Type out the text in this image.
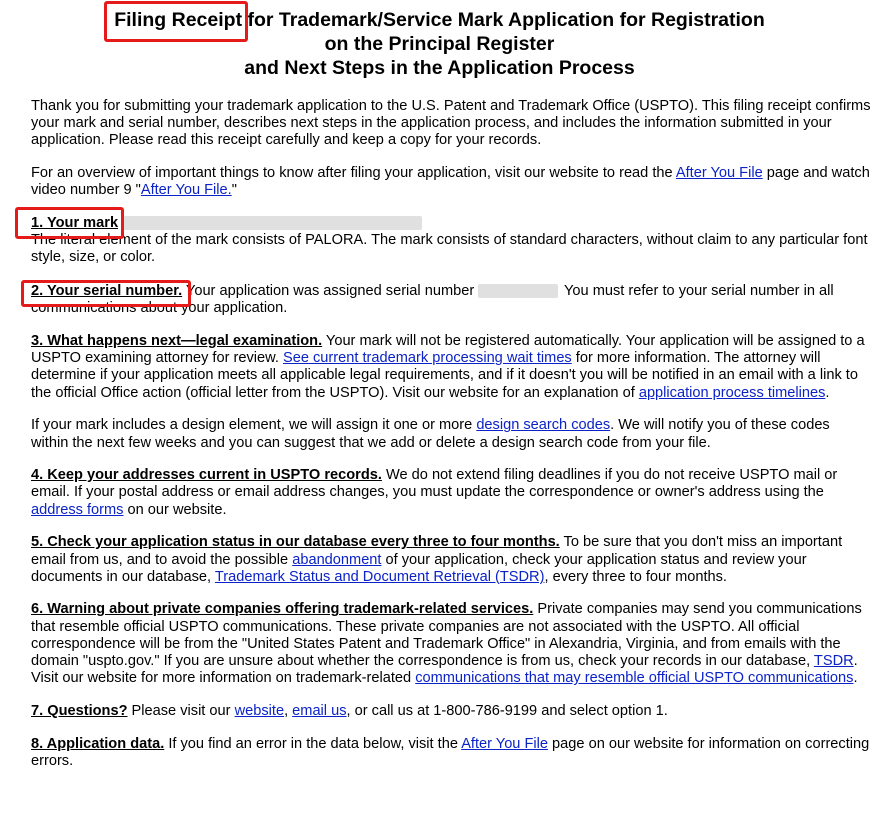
Filing Receipt for Trademark/Service Mark Application for Registration
on the Principal Register
and Next Steps in the Application Process

Thank you for submitting your trademark application to the U.S. Patent and Trademark Office (USPTO). This filing receipt confirms your mark and serial number, describes next steps in the application process, and includes the information submitted in your application. Please read this receipt carefully and keep a copy for your records.

For an overview of important things to know after filing your application, visit our website to read the After You File page and watch video number 9 "After You File."

1. Your mark
The literal element of the mark consists of PALORA. The mark consists of standard characters, without claim to any particular font style, size, or color.

2. Your serial number. Your application was assigned serial number	You must refer to your serial number in all communications about your application.

3. What happens next—legal examination. Your mark will not be registered automatically. Your application will be assigned to a USPTO examining attorney for review. See current trademark processing wait times for more information. The attorney will determine if your application meets all applicable legal requirements, and if it doesn't you will be notified in an email with a link to the official Office action (official letter from the USPTO). Visit our website for an explanation of application process timelines.

If your mark includes a design element, we will assign it one or more design search codes. We will notify you of these codes within the next few weeks and you can suggest that we add or delete a design search code from your file.

4. Keep your addresses current in USPTO records. We do not extend filing deadlines if you do not receive USPTO mail or email. If your postal address or email address changes, you must update the correspondence or owner's address using the address forms on our website.

5. Check your application status in our database every three to four months. To be sure that you don't miss an important email from us, and to avoid the possible abandonment of your application, check your application status and review your documents in our database, Trademark Status and Document Retrieval (TSDR), every three to four months.

6. Warning about private companies offering trademark-related services. Private companies may send you communications that resemble official USPTO communications. These private companies are not associated with the USPTO. All official correspondence will be from the "United States Patent and Trademark Office" in Alexandria, Virginia, and from emails with the domain "uspto.gov." If you are unsure about whether the correspondence is from us, check your records in our database, TSDR. Visit our website for more information on trademark-related communications that may resemble official USPTO communications.

7. Questions? Please visit our website, email us, or call us at 1-800-786-9199 and select option 1.

8. Application data. If you find an error in the data below, visit the After You File page on our website for information on correcting errors.
